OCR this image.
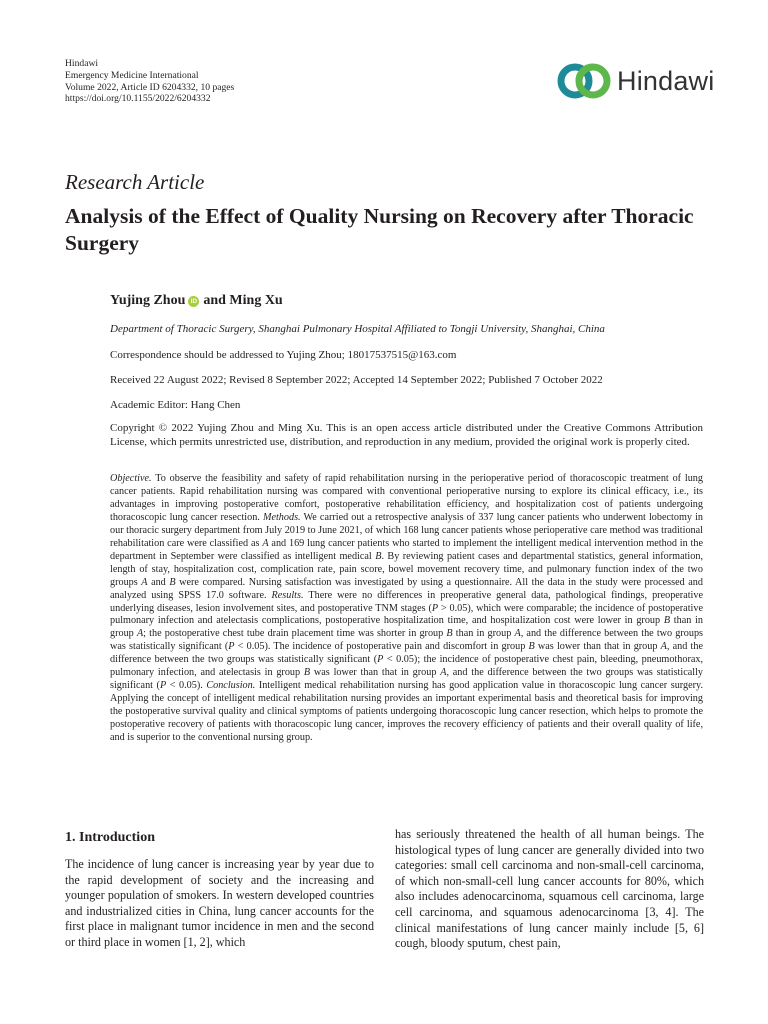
Hindawi
Emergency Medicine International
Volume 2022, Article ID 6204332, 10 pages
https://doi.org/10.1155/2022/6204332
Hindawi
Research Article
Analysis of the Effect of Quality Nursing on Recovery after Thoracic Surgery
Yujing Zhou iD and Ming Xu
Department of Thoracic Surgery, Shanghai Pulmonary Hospital Affiliated to Tongji University, Shanghai, China
Correspondence should be addressed to Yujing Zhou; 18017537515@163.com
Received 22 August 2022; Revised 8 September 2022; Accepted 14 September 2022; Published 7 October 2022
Academic Editor: Hang Chen
Copyright © 2022 Yujing Zhou and Ming Xu. This is an open access article distributed under the Creative Commons Attribution License, which permits unrestricted use, distribution, and reproduction in any medium, provided the original work is properly cited.
Objective. To observe the feasibility and safety of rapid rehabilitation nursing in the perioperative period of thoracoscopic treatment of lung cancer patients. Rapid rehabilitation nursing was compared with conventional perioperative nursing to explore its clinical efficacy, i.e., its advantages in improving postoperative comfort, postoperative rehabilitation efficiency, and hospitalization cost of patients undergoing thoracoscopic lung cancer resection. Methods. We carried out a retrospective analysis of 337 lung cancer patients who underwent lobectomy in our thoracic surgery department from July 2019 to June 2021, of which 168 lung cancer patients whose perioperative care method was traditional rehabilitation care were classified as A and 169 lung cancer patients who started to implement the intelligent medical intervention method in the department in September were classified as intelligent medical B. By reviewing patient cases and departmental statistics, general information, length of stay, hospitalization cost, complication rate, pain score, bowel movement recovery time, and pulmonary function index of the two groups A and B were compared. Nursing satisfaction was investigated by using a questionnaire. All the data in the study were processed and analyzed using SPSS 17.0 software. Results. There were no differences in preoperative general data, pathological findings, preoperative underlying diseases, lesion involvement sites, and postoperative TNM stages (P > 0.05), which were comparable; the incidence of postoperative pulmonary infection and atelectasis complications, postoperative hospitalization time, and hospitalization cost were lower in group B than in group A; the postoperative chest tube drain placement time was shorter in group B than in group A, and the difference between the two groups was statistically significant (P < 0.05). The incidence of postoperative pain and discomfort in group B was lower than that in group A, and the difference between the two groups was statistically significant (P < 0.05); the incidence of postoperative chest pain, bleeding, pneumothorax, pulmonary infection, and atelectasis in group B was lower than that in group A, and the difference between the two groups was statistically significant (P < 0.05). Conclusion. Intelligent medical rehabilitation nursing has good application value in thoracoscopic lung cancer surgery. Applying the concept of intelligent medical rehabilitation nursing provides an important experimental basis and theoretical basis for improving the postoperative survival quality and clinical symptoms of patients undergoing thoracoscopic lung cancer resection, which helps to promote the postoperative recovery of patients with thoracoscopic lung cancer, improves the recovery efficiency of patients and their overall quality of life, and is superior to the conventional nursing group.
1. Introduction
The incidence of lung cancer is increasing year by year due to the rapid development of society and the increasing and younger population of smokers. In western developed countries and industrialized cities in China, lung cancer accounts for the first place in malignant tumor incidence in men and the second or third place in women [1, 2], which
has seriously threatened the health of all human beings. The histological types of lung cancer are generally divided into two categories: small cell carcinoma and non-small-cell carcinoma, of which non-small-cell lung cancer accounts for 80%, which also includes adenocarcinoma, squamous cell carcinoma, large cell carcinoma, and squamous adenocarcinoma [3, 4]. The clinical manifestations of lung cancer mainly include [5, 6] cough, bloody sputum, chest pain,
